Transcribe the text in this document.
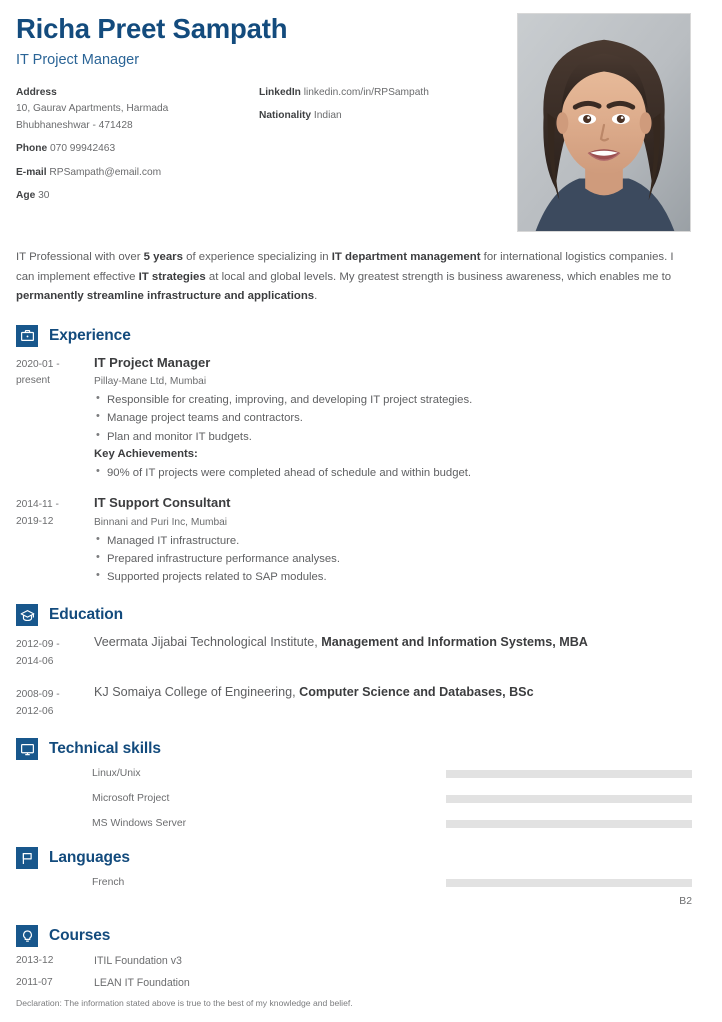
Richa Preet Sampath
IT Project Manager
Address
10, Gaurav Apartments, Harmada
Bhubhaneshwar - 471428
Phone 070 99942463
E-mail RPSampath@email.com
Age 30
LinkedIn linkedin.com/in/RPSampath
Nationality Indian

IT Professional with over 5 years of experience specializing in IT department management for international logistics companies. I can implement effective IT strategies at local and global levels. My greatest strength is business awareness, which enables me to permanently streamline infrastructure and applications.

Experience
2020-01 -
present
IT Project Manager
Pillay-Mane Ltd, Mumbai
• Responsible for creating, improving, and developing IT project strategies.
• Manage project teams and contractors.
• Plan and monitor IT budgets.
Key Achievements:
• 90% of IT projects were completed ahead of schedule and within budget.
2014-11 -
2019-12
IT Support Consultant
Binnani and Puri Inc, Mumbai
• Managed IT infrastructure.
• Prepared infrastructure performance analyses.
• Supported projects related to SAP modules.
Education
2012-09 -
2014-06
Veermata Jijabai Technological Institute, Management and Information Systems, MBA
2008-09 -
2012-06
KJ Somaiya College of Engineering, Computer Science and Databases, BSc
Technical skills
Linux/Unix
Microsoft Project
MS Windows Server
Languages
French
B2
Courses
2013-12	ITIL Foundation v3
2011-07	LEAN IT Foundation
Declaration: The information stated above is true to the best of my knowledge and belief.
